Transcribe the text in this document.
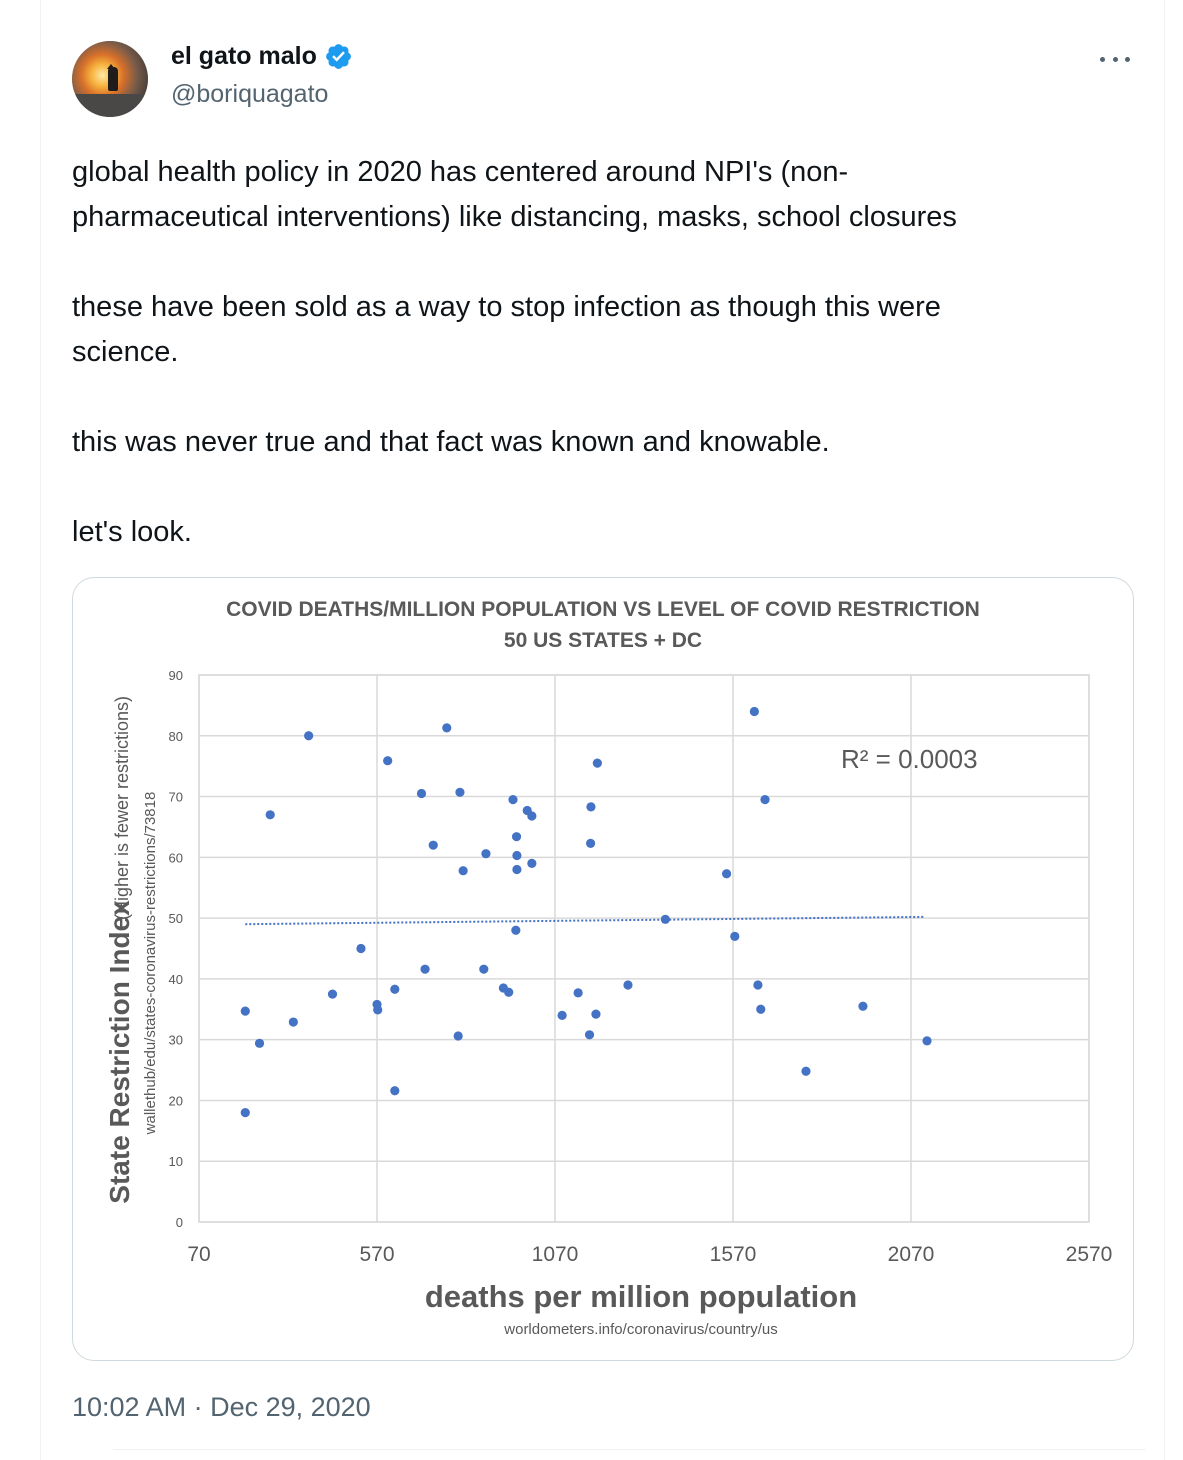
el gato malo
@boriquagato

global health policy in 2020 has centered around NPI's (non-
pharmaceutical interventions) like distancing, masks, school closures

these have been sold as a way to stop infection as though this were
science.

this was never true and that fact was known and knowable.

let's look.

0
10
20
30
40
50
60
70
80
90
70	570	1070	1570	2070	2570
COVID DEATHS/MILLION POPULATION VS LEVEL OF COVID RESTRICTION
50 US STATES + DC
R² = 0.0003
deaths per million population
worldometers.info/coronavirus/country/us
State Restriction Index
(Higher is fewer restrictions) wallethub/edu/states-coronavirus-restrictions/73818
10:02 AM · Dec 29, 2020
